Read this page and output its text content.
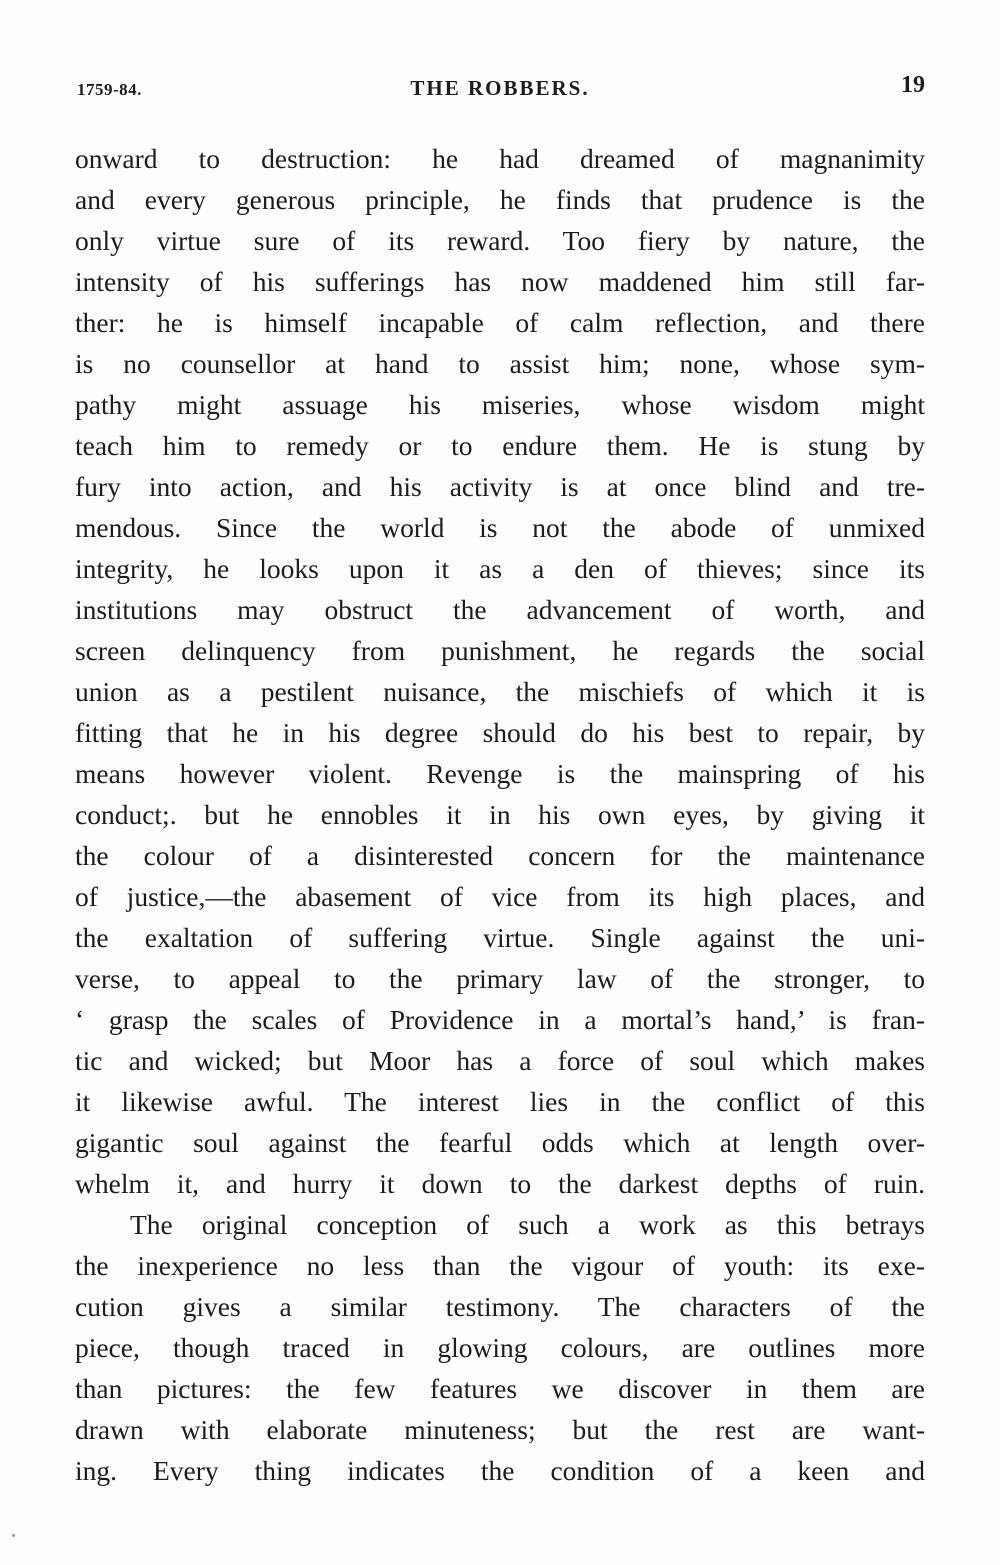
1759-84.	THE ROBBERS.	19
onward to destruction: he had dreamed of magnanimity
and every generous principle, he finds that prudence is the
only virtue sure of its reward. Too fiery by nature, the
intensity of his sufferings has now maddened him still far-
ther: he is himself incapable of calm reflection, and there
is no counsellor at hand to assist him; none, whose sym-
pathy might assuage his miseries, whose wisdom might
teach him to remedy or to endure them. He is stung by
fury into action, and his activity is at once blind and tre-
mendous. Since the world is not the abode of unmixed
integrity, he looks upon it as a den of thieves; since its
institutions may obstruct the advancement of worth, and
screen delinquency from punishment, he regards the social
union as a pestilent nuisance, the mischiefs of which it is
fitting that he in his degree should do his best to repair, by
means however violent. Revenge is the mainspring of his
conduct;. but he ennobles it in his own eyes, by giving it
the colour of a disinterested concern for the maintenance
of justice,—the abasement of vice from its high places, and
the exaltation of suffering virtue. Single against the uni-
verse, to appeal to the primary law of the stronger, to
‘ grasp the scales of Providence in a mortal’s hand,’ is fran-
tic and wicked; but Moor has a force of soul which makes
it likewise awful. The interest lies in the conflict of this
gigantic soul against the fearful odds which at length over-
whelm it, and hurry it down to the darkest depths of ruin.
The original conception of such a work as this betrays
the inexperience no less than the vigour of youth: its exe-
cution gives a similar testimony. The characters of the
piece, though traced in glowing colours, are outlines more
than pictures: the few features we discover in them are
drawn with elaborate minuteness; but the rest are want-
ing. Every thing indicates the condition of a keen and
